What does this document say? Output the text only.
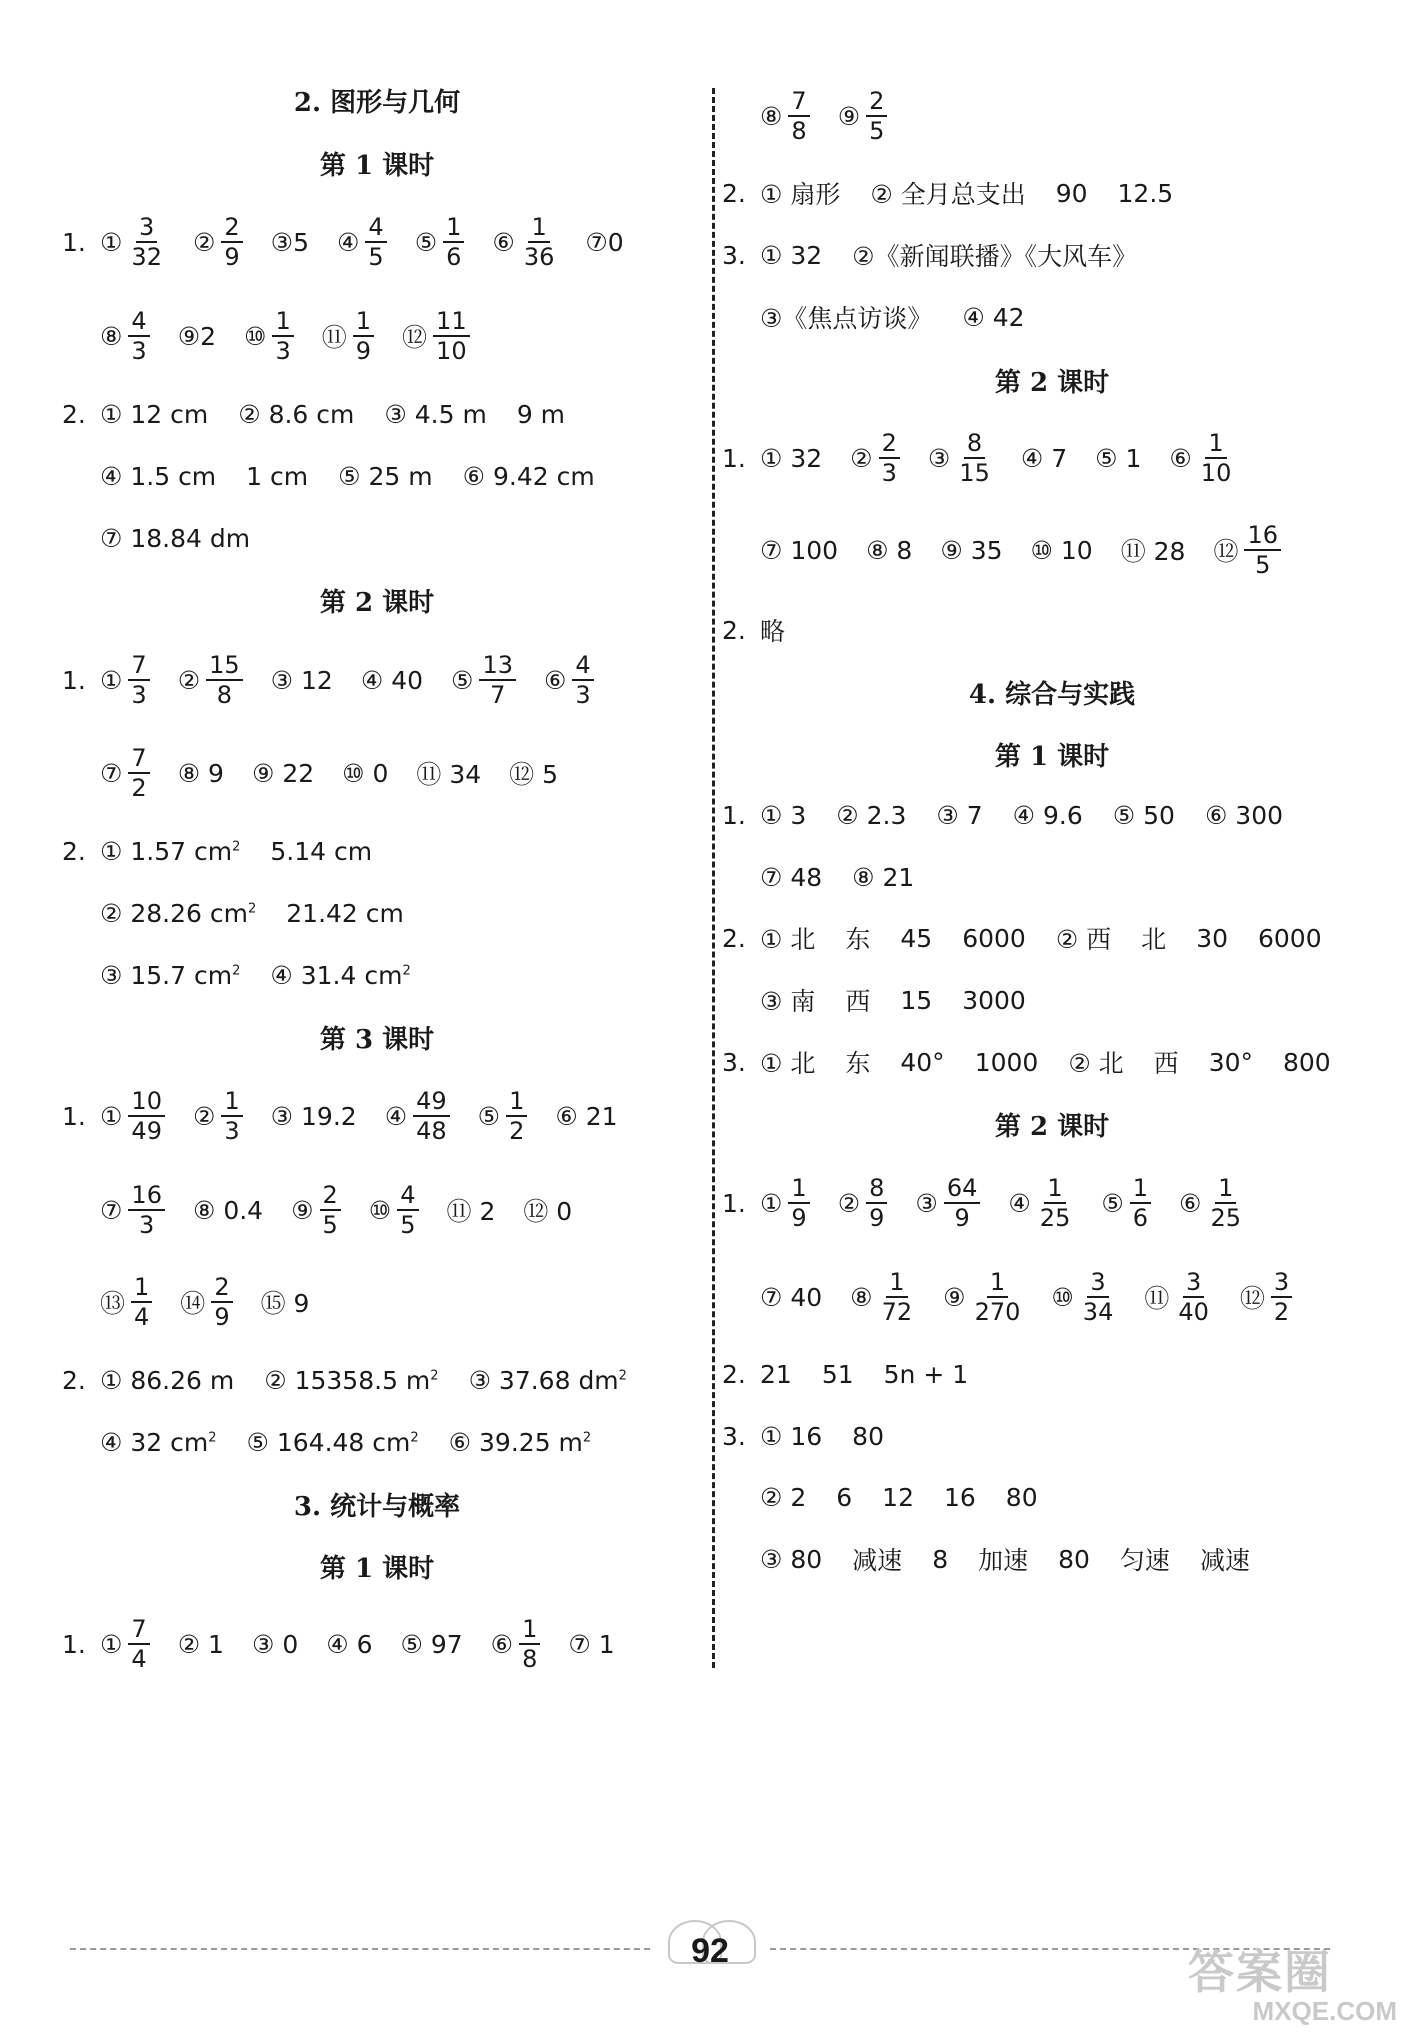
2. 图形与几何
第 1 课时
1. ① $\frac{3}{32}$ ② $\frac{2}{9}$ ③5 ④ $\frac{4}{5}$ ⑤ $\frac{1}{6}$ ⑥ $\frac{1}{36}$ ⑦0
⑧ $\frac{4}{3}$ ⑨2 ⑩ $\frac{1}{3}$ ⑪ $\frac{1}{9}$ ⑫ $\frac{11}{10}$
2. ① 12 cm ② 8.6 cm ③ 4.5 m 9 m
④ 1.5 cm 1 cm ⑤ 25 m ⑥ 9.42 cm
⑦ 18.84 dm
第 2 课时
1. ① $\frac{7}{3}$ ② $\frac{15}{8}$ ③ 12 ④ 40 ⑤ $\frac{13}{7}$ ⑥ $\frac{4}{3}$
⑦ $\frac{7}{2}$ ⑧ 9 ⑨ 22 ⑩ 0 ⑪ 34 ⑫ 5
2. ① 1.57 $cm^2$ 5.14 cm
② 28.26 $cm^2$ 21.42 cm
③ 15.7 $cm^2$ ④ 31.4 $cm^2$
第 3 课时
1. ① $\frac{10}{49}$ ② $\frac{1}{3}$ ③ 19.2 ④ $\frac{49}{48}$ ⑤ $\frac{1}{2}$ ⑥ 21
⑦ $\frac{16}{3}$ ⑧ 0.4 ⑨ $\frac{2}{5}$ ⑩ $\frac{4}{5}$ ⑪ 2 ⑫ 0
⑬ $\frac{1}{4}$ ⑭ $\frac{2}{9}$ ⑮ 9
2. ① 86.26 m ② 15358.5 $m^2$ ③ 37.68 $dm^2$
④ 32 $cm^2$ ⑤ 164.48 $cm^2$ ⑥ 39.25 $m^2$
3. 统计与概率
第 1 课时
1. ① $\frac{7}{4}$ ② 1 ③ 0 ④ 6 ⑤ 97 ⑥ $\frac{1}{8}$ ⑦ 1
⑧ $\frac{7}{8}$ ⑨ $\frac{2}{5}$
2. ① 扇形 ② 全月总支出 90 12.5
3. ① 32 ②《新闻联播》《大风车》
③《焦点访谈》 ④ 42
第 2 课时
1. ① 32 ② $\frac{2}{3}$ ③ $\frac{8}{15}$ ④ 7 ⑤ 1 ⑥ $\frac{1}{10}$
⑦ 100 ⑧ 8 ⑨ 35 ⑩ 10 ⑪ 28 ⑫ $\frac{16}{5}$
2. 略
4. 综合与实践
第 1 课时
1. ① 3 ② 2.3 ③ 7 ④ 9.6 ⑤ 50 ⑥ 300
⑦ 48 ⑧ 21
2. ① 北 东 45 6000 ② 西 北 30 6000
③ 南 西 15 3000
3. ① 北 东 40° 1000 ② 北 西 30° 800
第 2 课时
1. ① $\frac{1}{9}$ ② $\frac{8}{9}$ ③ $\frac{64}{9}$ ④ $\frac{1}{25}$ ⑤ $\frac{1}{6}$ ⑥ $\frac{1}{25}$
⑦ 40 ⑧ $\frac{1}{72}$ ⑨ $\frac{1}{270}$ ⑩ $\frac{3}{34}$ ⑪ $\frac{3}{40}$ ⑫ $\frac{3}{2}$
2. 21 51 5n + 1
3. ① 16 80
② 2 6 12 16 80
③ 80 减速 8 加速 80 匀速 减速
92	答案圈
MXQE.COM
